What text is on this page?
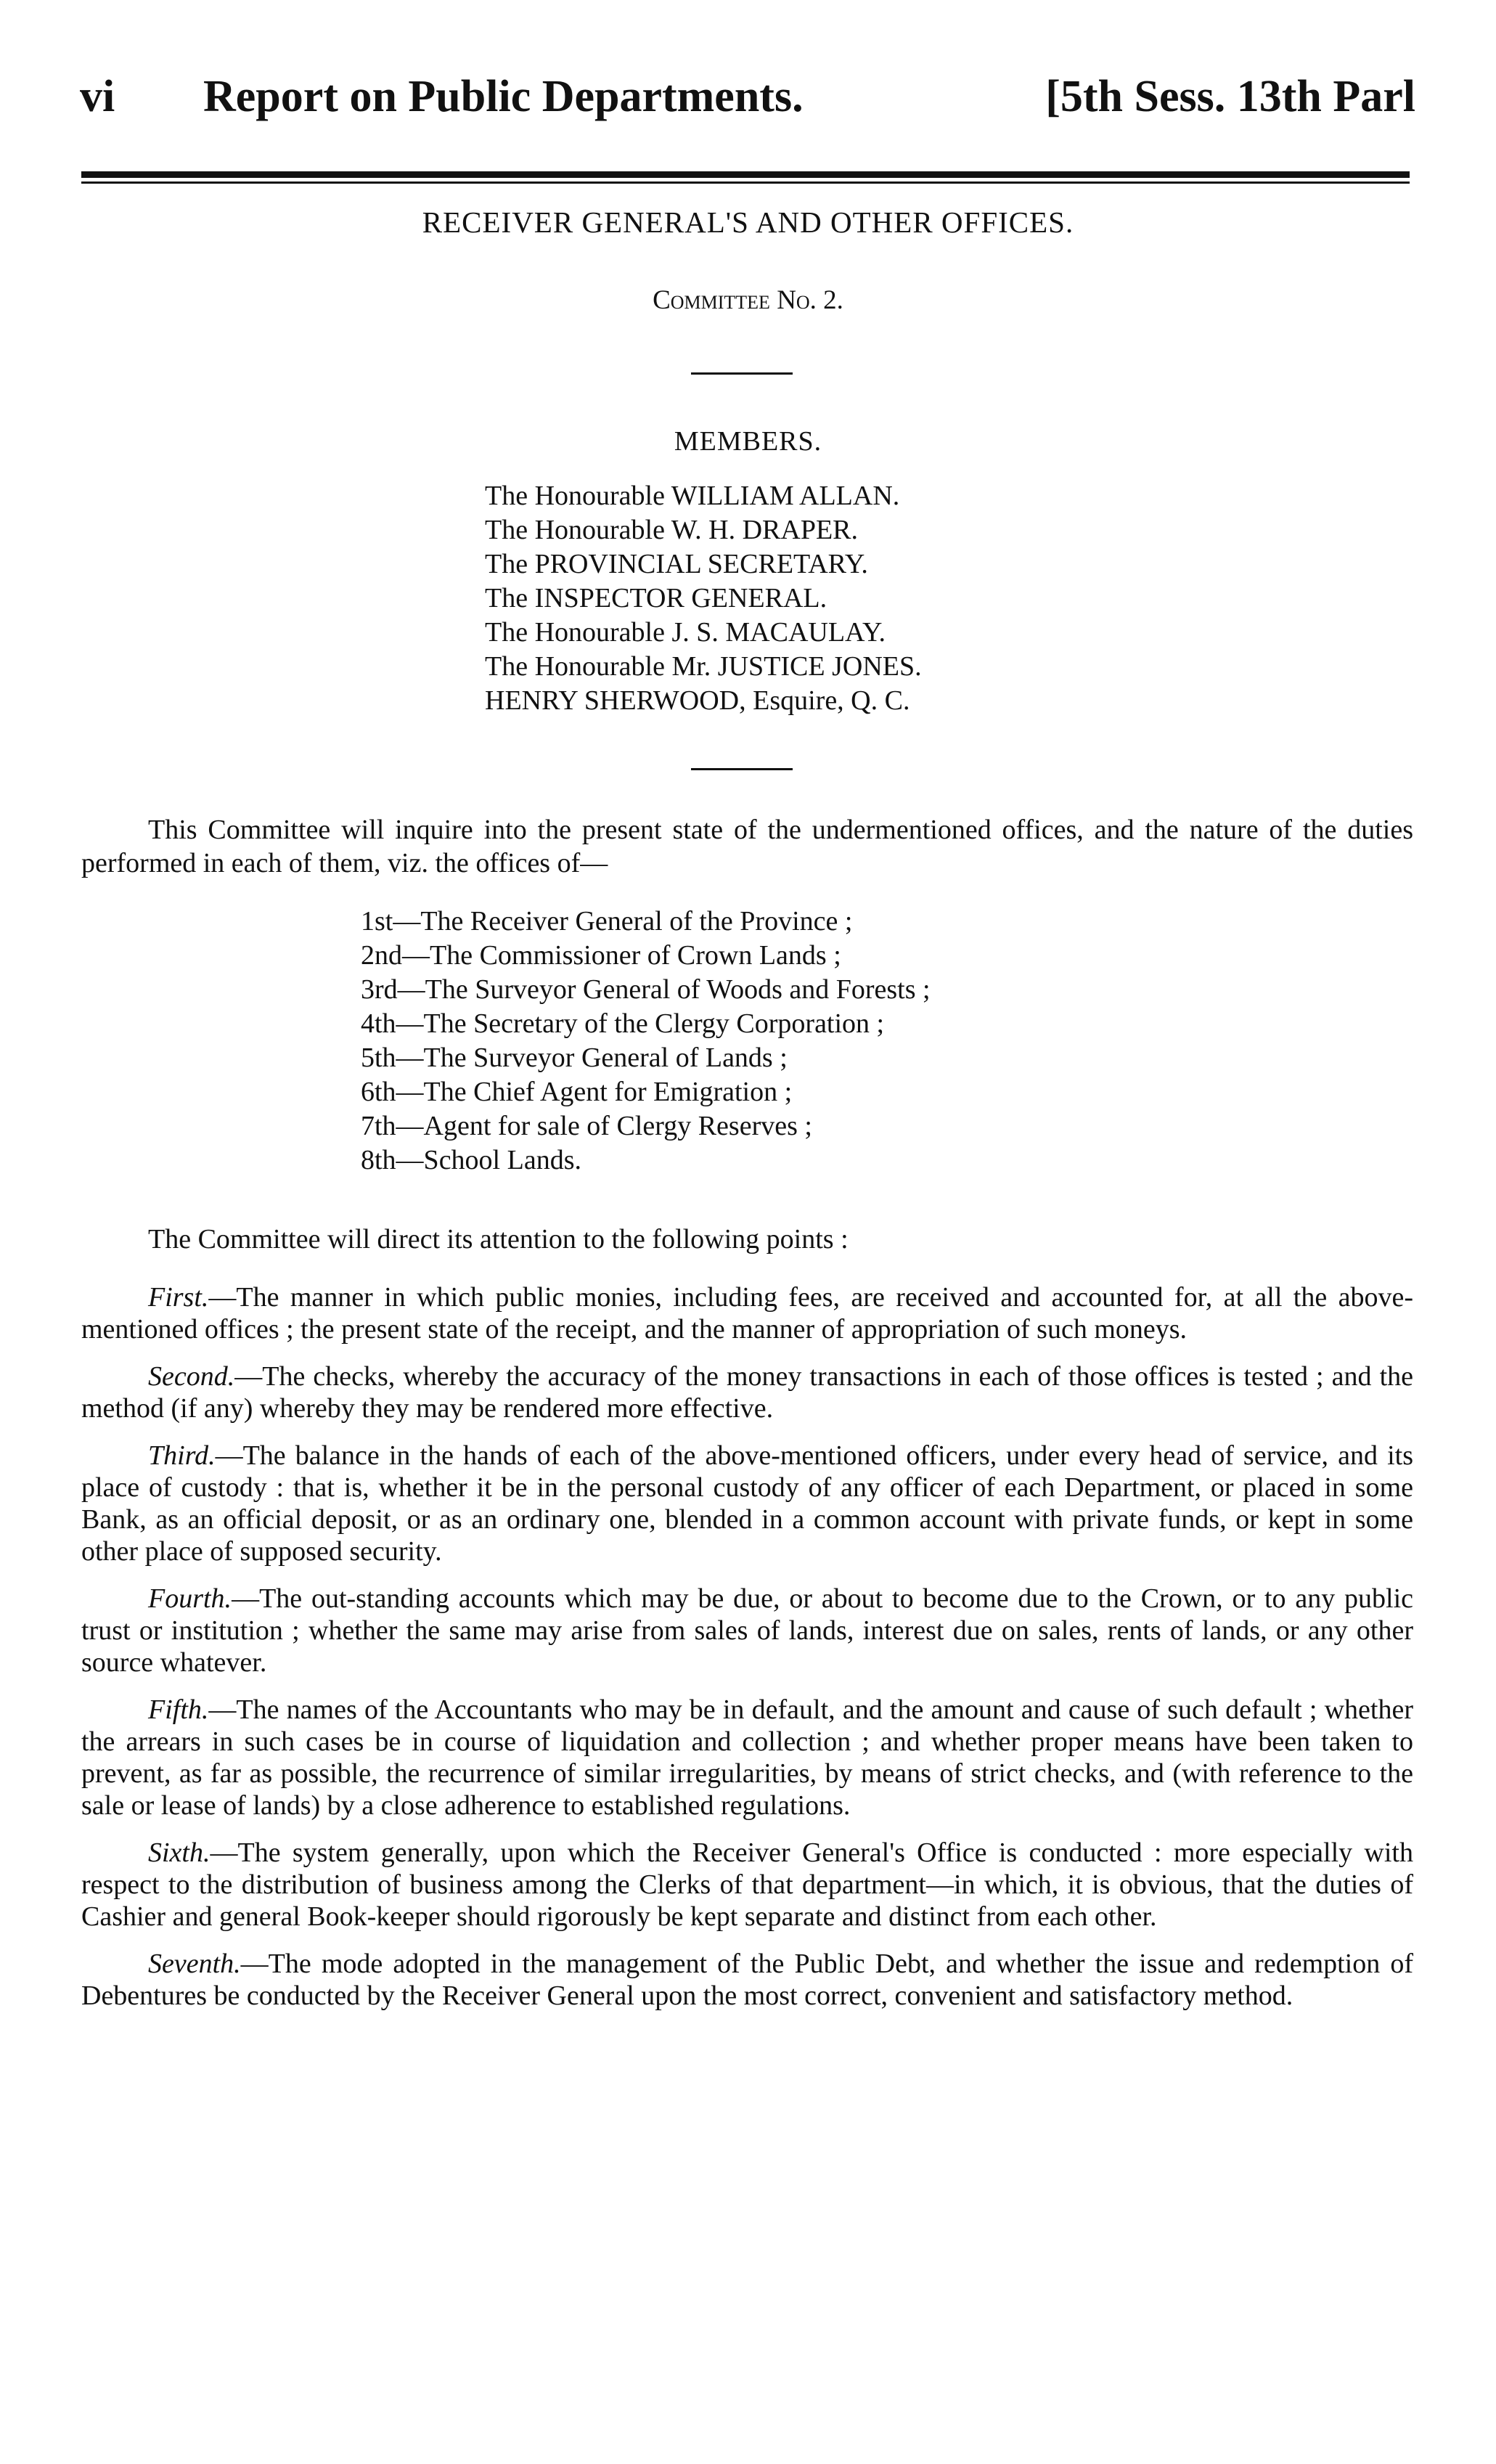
vi	Report on Public Departments.	[5th Sess. 13th Parl
RECEIVER GENERAL'S AND OTHER OFFICES.
Committee No. 2.
MEMBERS.
The Honourable WILLIAM ALLAN.
The Honourable W. H. DRAPER.
The PROVINCIAL SECRETARY.
The INSPECTOR GENERAL.
The Honourable J. S. MACAULAY.
The Honourable Mr. JUSTICE JONES.
HENRY SHERWOOD, Esquire, Q. C.

This Committee will inquire into the present state of the undermentioned offices, and the nature of the duties performed in each of them, viz. the offices of—

1st—The Receiver General of the Province ;
2nd—The Commissioner of Crown Lands ;
3rd—The Surveyor General of Woods and Forests ;
4th—The Secretary of the Clergy Corporation ;
5th—The Surveyor General of Lands ;
6th—The Chief Agent for Emigration ;
7th—Agent for sale of Clergy Reserves ;
8th—School Lands.
The Committee will direct its attention to the following points :

First.—The manner in which public monies, including fees, are received and accounted for, at all the above-mentioned offices ; the present state of the receipt, and the manner of appropriation of such moneys.

Second.—The checks, whereby the accuracy of the money transactions in each of those offices is tested ; and the method (if any) whereby they may be rendered more effective.

Third.—The balance in the hands of each of the above-mentioned officers, under every head of service, and its place of custody : that is, whether it be in the personal custody of any officer of each Department, or placed in some Bank, as an official deposit, or as an ordinary one, blended in a common account with private funds, or kept in some other place of supposed security.

Fourth.—The out-standing accounts which may be due, or about to become due to the Crown, or to any public trust or institution ; whether the same may arise from sales of lands, interest due on sales, rents of lands, or any other source whatever.

Fifth.—The names of the Accountants who may be in default, and the amount and cause of such default ; whether the arrears in such cases be in course of liquidation and collection ; and whether proper means have been taken to prevent, as far as possible, the recurrence of similar irregularities, by means of strict checks, and (with reference to the sale or lease of lands) by a close adherence to established regulations.

Sixth.—The system generally, upon which the Receiver General's Office is conducted : more especially with respect to the distribution of business among the Clerks of that department—in which, it is obvious, that the duties of Cashier and general Book-keeper should rigorously be kept separate and distinct from each other.

Seventh.—The mode adopted in the management of the Public Debt, and whether the issue and redemption of Debentures be conducted by the Receiver General upon the most correct, convenient and satisfactory method.
